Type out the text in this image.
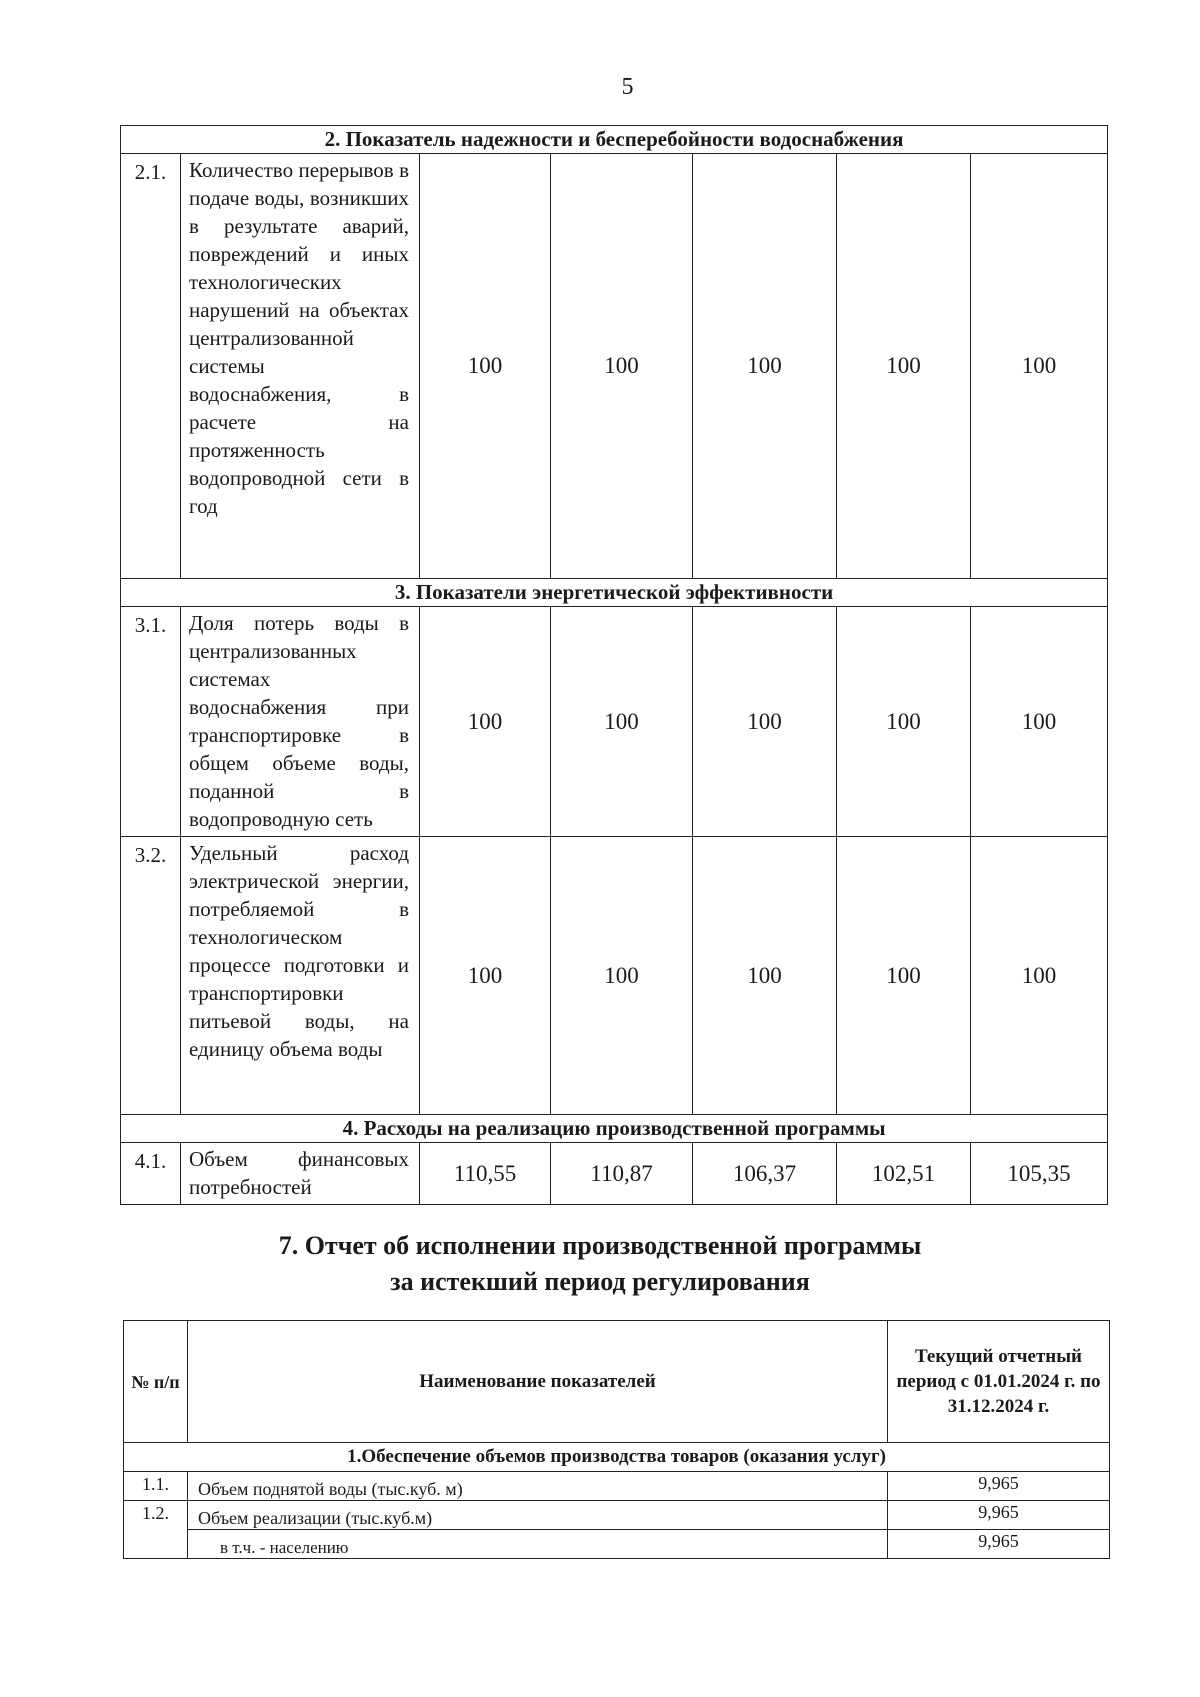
5
2. Показатель надежности и бесперебойности водоснабжения						
2.1.	Количество перерывов в подаче воды, возникших в результате аварий, повреждений и иных технологических нарушений на объектах централизованной системы водоснабжения, в расчете на протяженность водопроводной сети в год	100	100	100	100	100
3. Показатели энергетической эффективности						
3.1.	Доля потерь воды в централизованных системах водоснабжения при транспортировке в общем объеме воды, поданной в водопроводную сеть	100	100	100	100	100
3.2.	Удельный расход электрической энергии, потребляемой в технологическом процессе подготовки и транспортировки питьевой воды, на единицу объема воды	100	100	100	100	100
4. Расходы на реализацию производственной программы						
4.1.	Объем финансовых потребностей	110,55	110,87	106,37	102,51	105,35
7. Отчет об исполнении производственной программы
за истекший период регулирования
№ п/п	Наименование показателей	Текущий отчетный период с 01.01.2024 г. по 31.12.2024 г.
1.Обеспечение объемов производства товаров (оказания услуг)		
1.1.	Объем поднятой воды (тыс.куб. м)	9,965
1.2.	Объем реализации (тыс.куб.м)	9,965
	в т.ч. - населению	9,965
